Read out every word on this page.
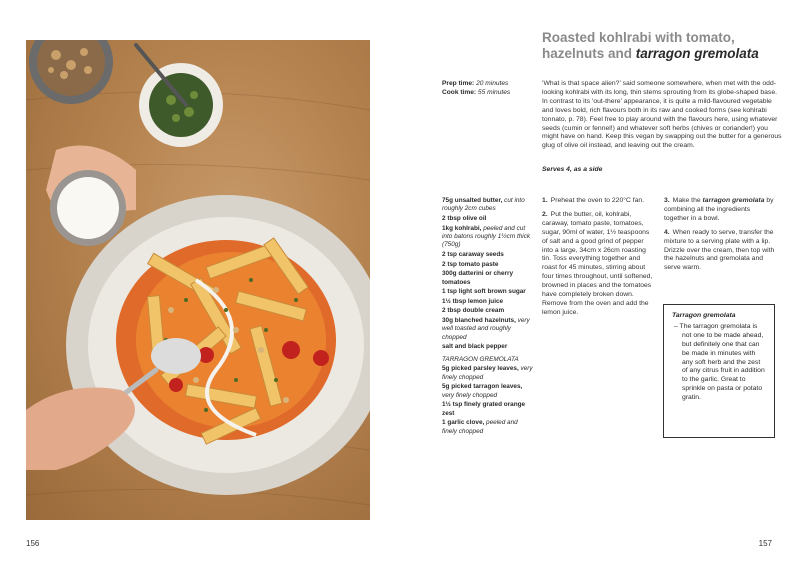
156	157
Roasted kohlrabi with tomato, hazelnuts and tarragon gremolata
Prep time: 20 minutes
Cook time: 55 minutes
‘What is that space alien?’ said someone somewhere, when met with the odd-looking kohlrabi with its long, thin stems sprouting from its globe-shaped base. In contrast to its ‘out-there’ appearance, it is quite a mild-flavoured vegetable and loves bold, rich flavours both in its raw and cooked forms (see kohlrabi tonnato, p. 78). Feel free to play around with the flavours here, using whatever seeds (cumin or fennel!) and whatever soft herbs (chives or coriander!) you might have on hand. Keep this vegan by swapping out the butter for a generous glug of olive oil instead, and leaving out the cream.
Serves 4, as a side
75g unsalted butter, cut into roughly 2cm cubes
2 tbsp olive oil
1kg kohlrabi, peeled and cut into batons roughly 1½cm thick (750g)
2 tsp caraway seeds
2 tsp tomato paste
300g datterini or cherry tomatoes
1 tsp light soft brown sugar
1½ tbsp lemon juice
2 tbsp double cream
30g blanched hazelnuts, very well toasted and roughly chopped
salt and black pepper
TARRAGON GREMOLATA
5g picked parsley leaves, very finely chopped
5g picked tarragon leaves, very finely chopped
1½ tsp finely grated orange zest
1 garlic clove, peeled and finely chopped
1. Preheat the oven to 220°C fan.
2. Put the butter, oil, kohlrabi, caraway, tomato paste, tomatoes, sugar, 90ml of water, 1½ teaspoons of salt and a good grind of pepper into a large, 34cm x 26cm roasting tin. Toss everything together and roast for 45 minutes, stirring about four times throughout, until softened, browned in places and the tomatoes have completely broken down. Remove from the oven and add the lemon juice.
3. Make the tarragon gremolata by combining all the ingredients together in a bowl.
4. When ready to serve, transfer the mixture to a serving plate with a lip. Drizzle over the cream, then top with the hazelnuts and gremolata and serve warm.
Tarragon gremolata
– The tarragon gremolata is not one to be made ahead, but definitely one that can be made in minutes with any soft herb and the zest of any citrus fruit in addition to the garlic. Great to sprinkle on pasta or potato gratin.
